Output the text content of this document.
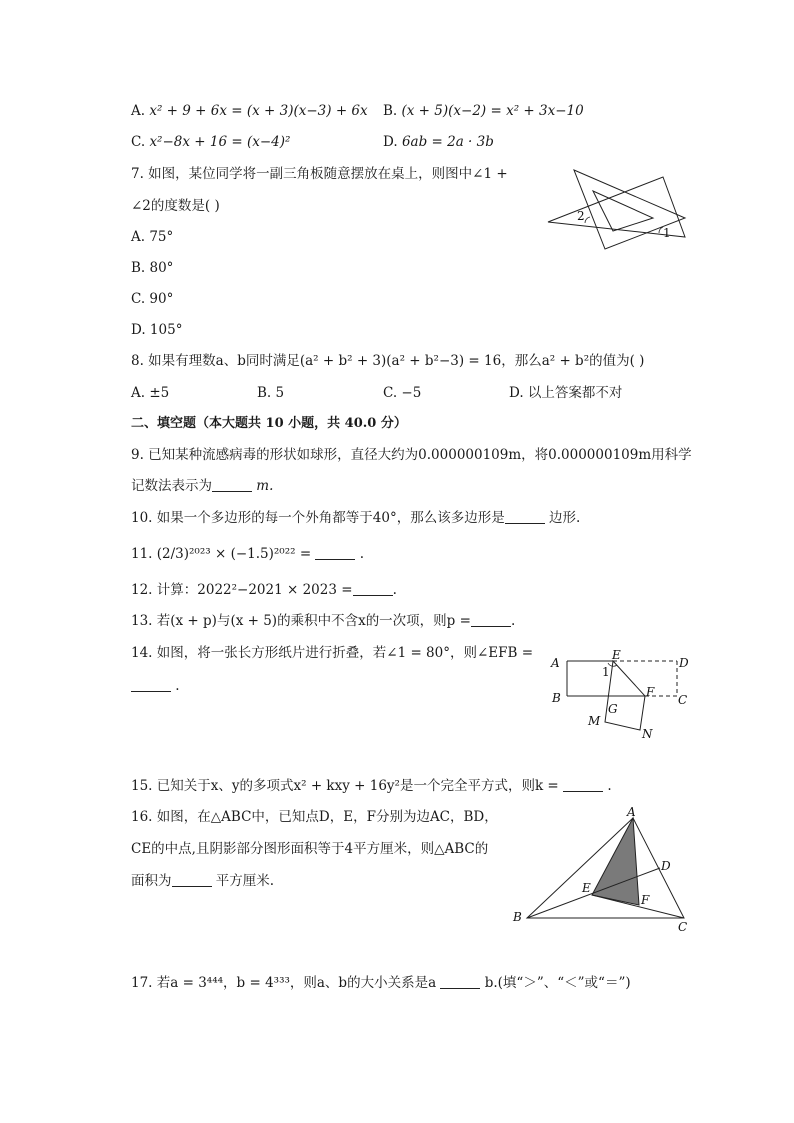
A. x² + 9 + 6x = (x + 3)(x−3) + 6x B. (x + 5)(x−2) = x² + 3x−10
C. x²−8x + 16 = (x−4)²	D. 6ab = 2a · 3b
7. 如图，某位同学将一副三角板随意摆放在桌上，则图中∠1 +
∠2的度数是( )
A. 75°
B. 80°
C. 90°
D. 105°
2
1
8. 如果有理数a、b同时满足(a² + b² + 3)(a² + b²−3) = 16，那么a² + b²的值为( )
A. ±5	B. 5	C. −5	D. 以上答案都不对
二、填空题（本大题共 10 小题，共 40.0 分）
9. 已知某种流感病毒的形状如球形，直径大约为0.000000109m，将0.000000109m用科学
记数法表示为	m.
10. 如果一个多边形的每一个外角都等于40°，那么该多边形是	边形.
11. (2/3)²⁰²³ × (−1.5)²⁰²² =	.
12. 计算：2022²−2021 × 2023 =	.
13. 若(x + p)与(x + 5)的乘积中不含x的一次项，则p =	.
14. 如图，将一张长方形纸片进行折叠，若∠1 = 80°，则∠EFB =
.
A
B	C
D
E
F
G
M
N
1
15. 已知关于x、y的多项式x² + kxy + 16y²是一个完全平方式，则k =	.
16. 如图，在△ABC中，已知点D，E，F分别为边AC，BD，
CE的中点,且阴影部分图形面积等于4平方厘米，则△ABC的
面积为	平方厘米.
A
B
C
D
E
F
17. 若a = 3⁴⁴⁴，b = 4³³³，则a、b的大小关系是a	b.(填“＞”、“＜”或“＝”)
